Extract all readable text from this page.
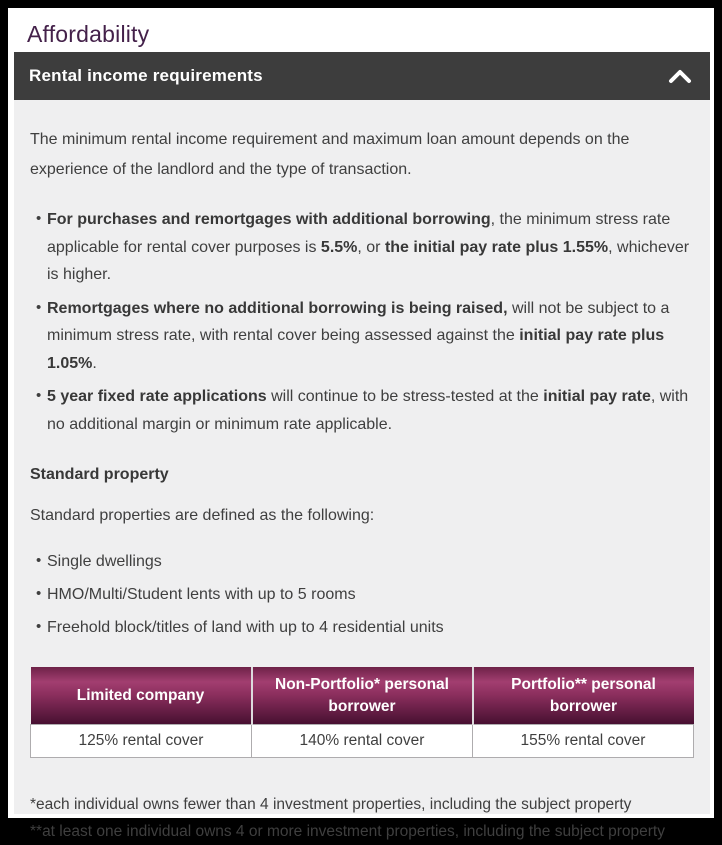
Affordability
Rental income requirements

The minimum rental income requirement and maximum loan amount depends on the experience of the landlord and the type of transaction.

• For purchases and remortgages with additional borrowing, the minimum stress rate applicable for rental cover purposes is 5.5%, or the initial pay rate plus 1.55%, whichever is higher.
• Remortgages where no additional borrowing is being raised, will not be subject to a minimum stress rate, with rental cover being assessed against the initial pay rate plus 1.05%.
• 5 year fixed rate applications will continue to be stress-tested at the initial pay rate, with no additional margin or minimum rate applicable.

Standard property

Standard properties are defined as the following:

• Single dwellings
• HMO/Multi/Student lents with up to 5 rooms
• Freehold block/titles of land with up to 4 residential units
Limited company	Non-Portfolio* personal borrower	Portfolio** personal borrower
125% rental cover	140% rental cover	155% rental cover

*each individual owns fewer than 4 investment properties, including the subject property

**at least one individual owns 4 or more investment properties, including the subject property
